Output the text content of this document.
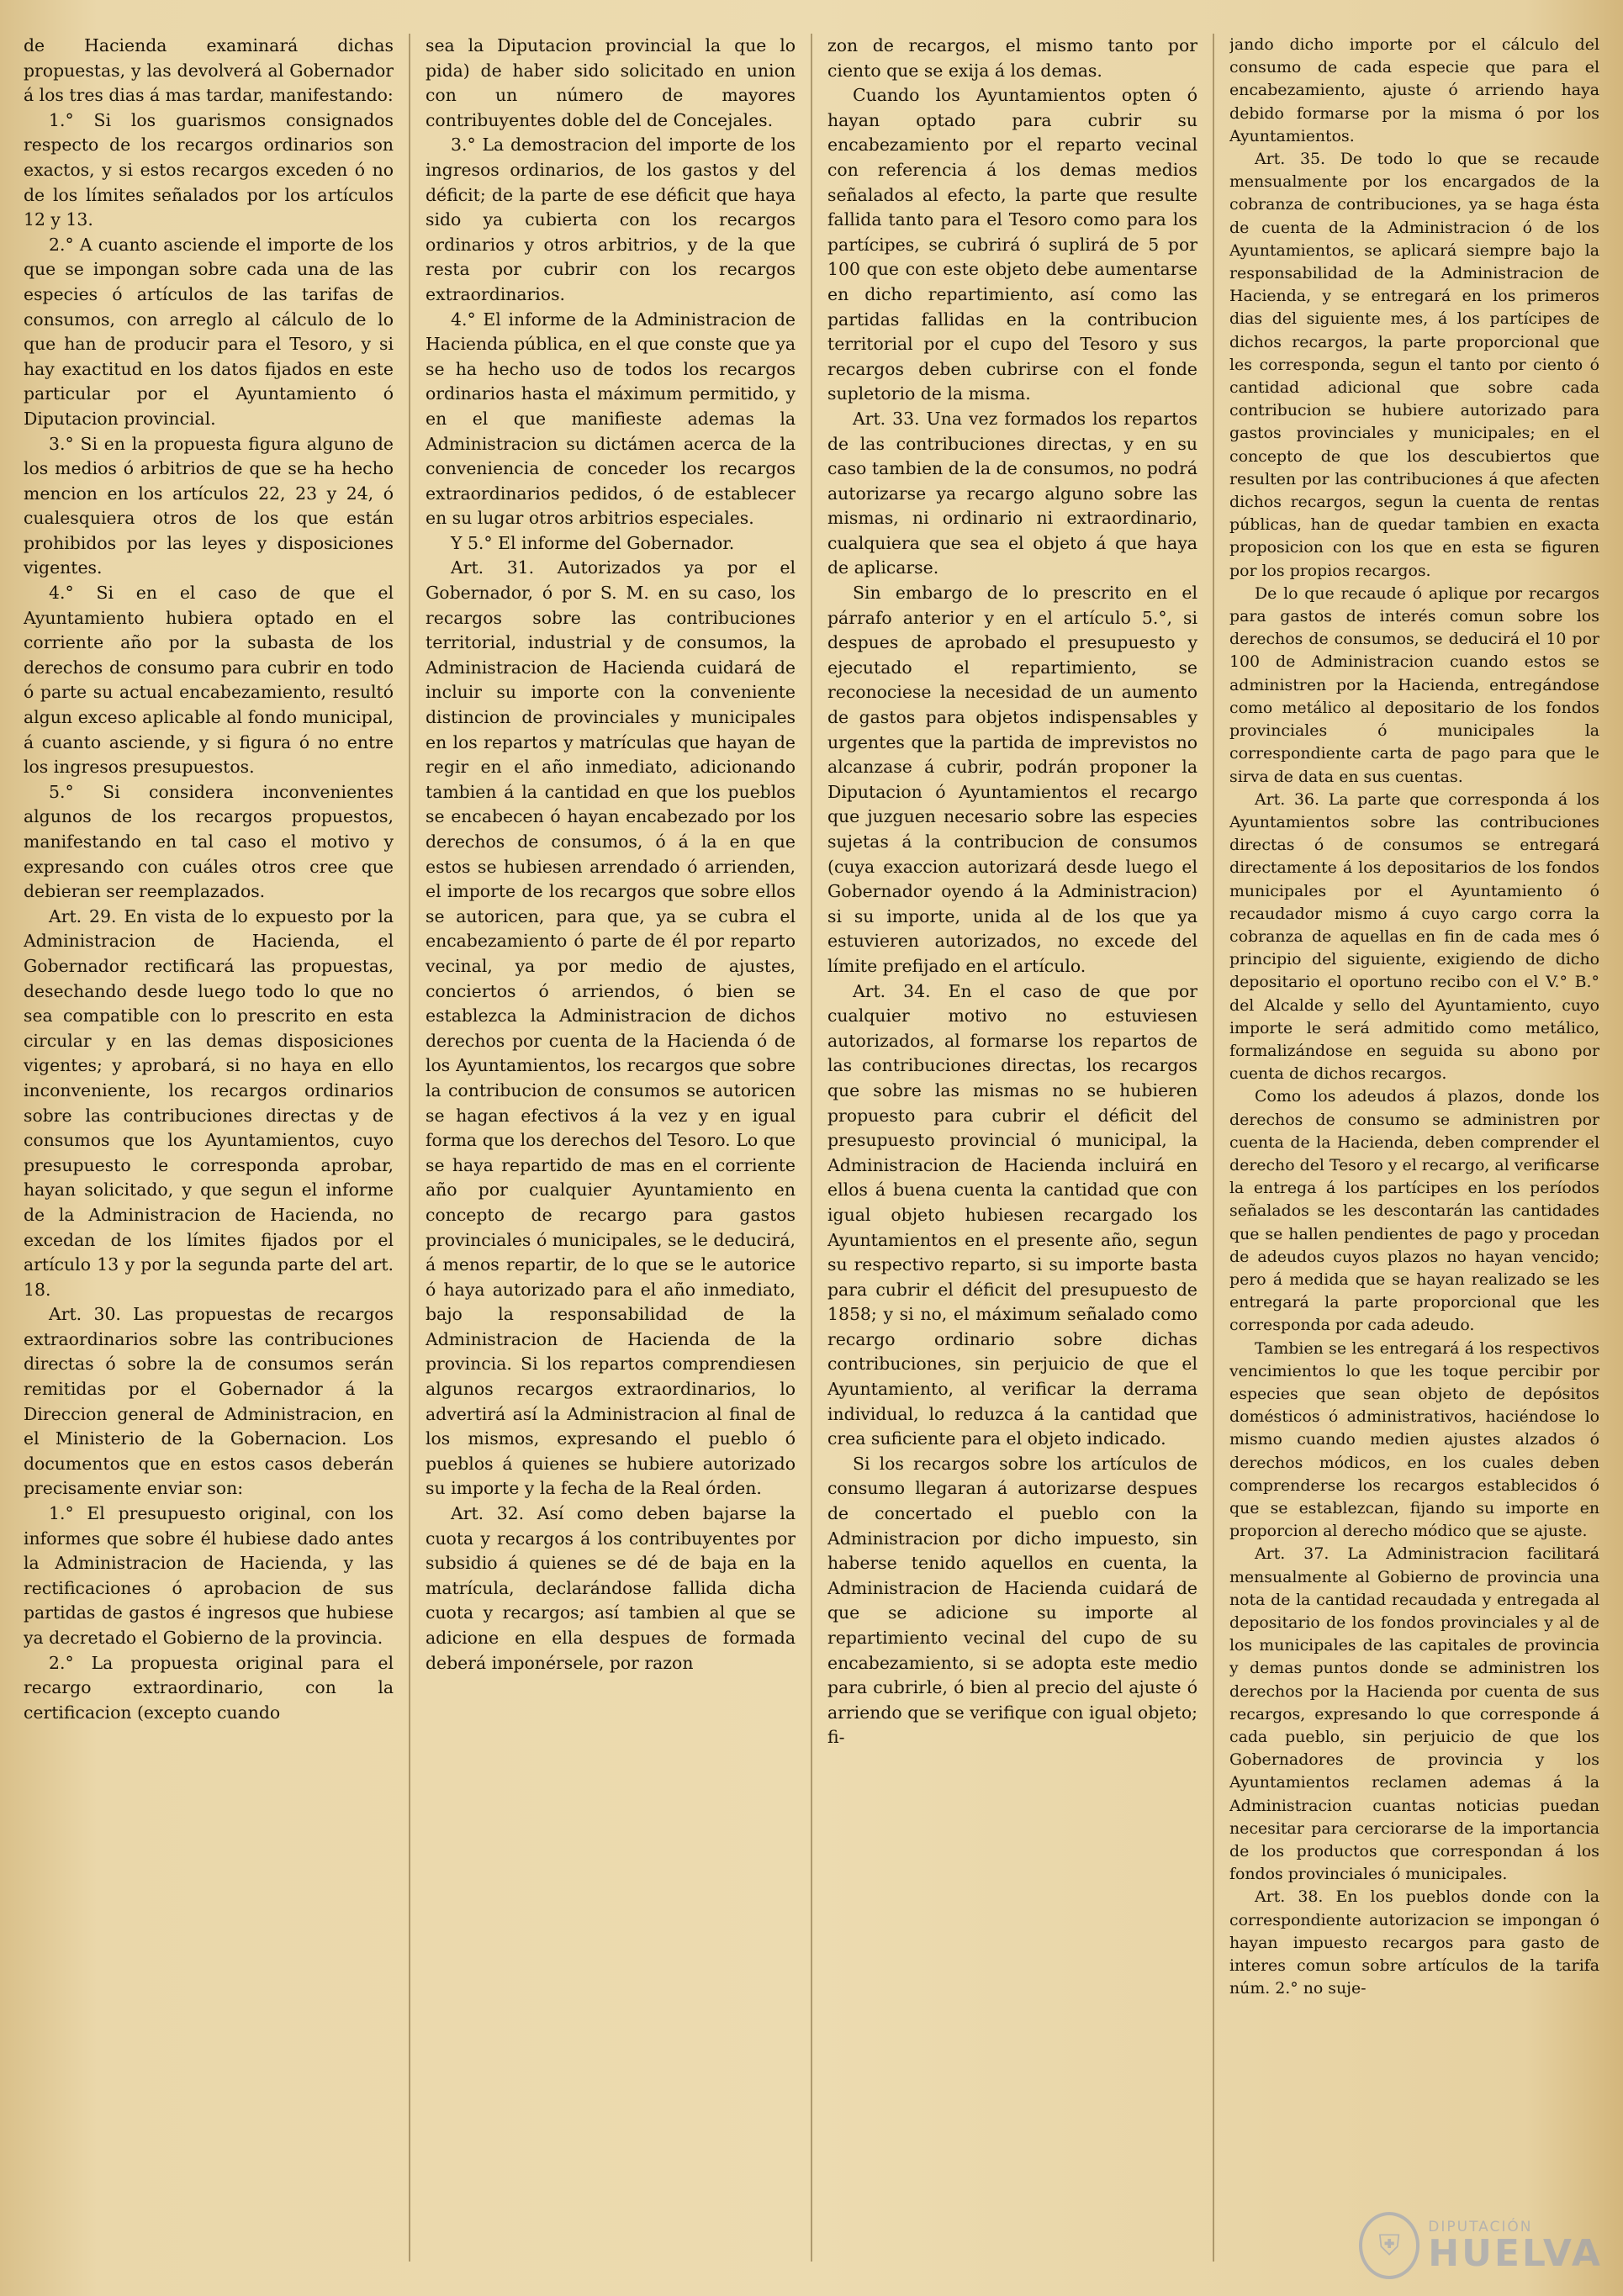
de Hacienda examinará dichas propuestas, y las devolverá al Gobernador á los tres dias á mas tardar, manifestando:

1.° Si los guarismos consignados respecto de los recargos ordinarios son exactos, y si estos recargos exceden ó no de los límites señalados por los artículos 12 y 13.

2.° A cuanto asciende el importe de los que se impongan sobre cada una de las especies ó artículos de las tarifas de consumos, con arreglo al cálculo de lo que han de producir para el Tesoro, y si hay exactitud en los datos fijados en este particular por el Ayuntamiento ó Diputacion provincial.

3.° Si en la propuesta figura alguno de los medios ó arbitrios de que se ha hecho mencion en los artículos 22, 23 y 24, ó cualesquiera otros de los que están prohibidos por las leyes y disposiciones vigentes.

4.° Si en el caso de que el Ayuntamiento hubiera optado en el corriente año por la subasta de los derechos de consumo para cubrir en todo ó parte su actual encabezamiento, resultó algun exceso aplicable al fondo municipal, á cuanto asciende, y si figura ó no entre los ingresos presupuestos.

5.° Si considera inconvenientes algunos de los recargos propuestos, manifestando en tal caso el motivo y expresando con cuáles otros cree que debieran ser reemplazados.

Art. 29. En vista de lo expuesto por la Administracion de Hacienda, el Gobernador rectificará las propuestas, desechando desde luego todo lo que no sea compatible con lo prescrito en esta circular y en las demas disposiciones vigentes; y aprobará, si no haya en ello inconveniente, los recargos ordinarios sobre las contribuciones directas y de consumos que los Ayuntamientos, cuyo presupuesto le corresponda aprobar, hayan solicitado, y que segun el informe de la Administracion de Hacienda, no excedan de los límites fijados por el artículo 13 y por la segunda parte del art. 18.

Art. 30. Las propuestas de recargos extraordinarios sobre las contribuciones directas ó sobre la de consumos serán remitidas por el Gobernador á la Direccion general de Administracion, en el Ministerio de la Gobernacion. Los documentos que en estos casos deberán precisamente enviar son:

1.° El presupuesto original, con los informes que sobre él hubiese dado antes la Administracion de Hacienda, y las rectificaciones ó aprobacion de sus partidas de gastos é ingresos que hubiese ya decretado el Gobierno de la provincia.

2.° La propuesta original para el recargo extraordinario, con la certificacion (excepto cuando

sea la Diputacion provincial la que lo pida) de haber sido solicitado en union con un número de mayores contribuyentes doble del de Concejales.

3.° La demostracion del importe de los ingresos ordinarios, de los gastos y del déficit; de la parte de ese déficit que haya sido ya cubierta con los recargos ordinarios y otros arbitrios, y de la que resta por cubrir con los recargos extraordinarios.

4.° El informe de la Administracion de Hacienda pública, en el que conste que ya se ha hecho uso de todos los recargos ordinarios hasta el máximum permitido, y en el que manifieste ademas la Administracion su dictámen acerca de la conveniencia de conceder los recargos extraordinarios pedidos, ó de establecer en su lugar otros arbitrios especiales.

Y 5.° El informe del Gobernador.

Art. 31. Autorizados ya por el Gobernador, ó por S. M. en su caso, los recargos sobre las contribuciones territorial, industrial y de consumos, la Administracion de Hacienda cuidará de incluir su importe con la conveniente distincion de provinciales y municipales en los repartos y matrículas que hayan de regir en el año inmediato, adicionando tambien á la cantidad en que los pueblos se encabecen ó hayan encabezado por los derechos de consumos, ó á la en que estos se hubiesen arrendado ó arrienden, el importe de los recargos que sobre ellos se autoricen, para que, ya se cubra el encabezamiento ó parte de él por reparto vecinal, ya por medio de ajustes, conciertos ó arriendos, ó bien se establezca la Administracion de dichos derechos por cuenta de la Hacienda ó de los Ayuntamientos, los recargos que sobre la contribucion de consumos se autoricen se hagan efectivos á la vez y en igual forma que los derechos del Tesoro. Lo que se haya repartido de mas en el corriente año por cualquier Ayuntamiento en concepto de recargo para gastos provinciales ó municipales, se le deducirá, á menos repartir, de lo que se le autorice ó haya autorizado para el año inmediato, bajo la responsabilidad de la Administracion de Hacienda de la provincia. Si los repartos comprendiesen algunos recargos extraordinarios, lo advertirá así la Administracion al final de los mismos, expresando el pueblo ó pueblos á quienes se hubiere autorizado su importe y la fecha de la Real órden.

Art. 32. Así como deben bajarse la cuota y recargos á los contribuyentes por subsidio á quienes se dé de baja en la matrícula, declarándose fallida dicha cuota y recargos; así tambien al que se adicione en ella despues de formada deberá imponérsele, por razon

zon de recargos, el mismo tanto por ciento que se exija á los demas.

Cuando los Ayuntamientos opten ó hayan optado para cubrir su encabezamiento por el reparto vecinal con referencia á los demas medios señalados al efecto, la parte que resulte fallida tanto para el Tesoro como para los partícipes, se cubrirá ó suplirá de 5 por 100 que con este objeto debe aumentarse en dicho repartimiento, así como las partidas fallidas en la contribucion territorial por el cupo del Tesoro y sus recargos deben cubrirse con el fonde supletorio de la misma.

Art. 33. Una vez formados los repartos de las contribuciones directas, y en su caso tambien de la de consumos, no podrá autorizarse ya recargo alguno sobre las mismas, ni ordinario ni extraordinario, cualquiera que sea el objeto á que haya de aplicarse.

Sin embargo de lo prescrito en el párrafo anterior y en el artículo 5.°, si despues de aprobado el presupuesto y ejecutado el repartimiento, se reconociese la necesidad de un aumento de gastos para objetos indispensables y urgentes que la partida de imprevistos no alcanzase á cubrir, podrán proponer la Diputacion ó Ayuntamientos el recargo que juzguen necesario sobre las especies sujetas á la contribucion de consumos (cuya exaccion autorizará desde luego el Gobernador oyendo á la Administracion) si su importe, unida al de los que ya estuvieren autorizados, no excede del límite prefijado en el artículo.

Art. 34. En el caso de que por cualquier motivo no estuviesen autorizados, al formarse los repartos de las contribuciones directas, los recargos que sobre las mismas no se hubieren propuesto para cubrir el déficit del presupuesto provincial ó municipal, la Administracion de Hacienda incluirá en ellos á buena cuenta la cantidad que con igual objeto hubiesen recargado los Ayuntamientos en el presente año, segun su respectivo reparto, si su importe basta para cubrir el déficit del presupuesto de 1858; y si no, el máximum señalado como recargo ordinario sobre dichas contribuciones, sin perjuicio de que el Ayuntamiento, al verificar la derrama individual, lo reduzca á la cantidad que crea suficiente para el objeto indicado.

Si los recargos sobre los artículos de consumo llegaran á autorizarse despues de concertado el pueblo con la Administracion por dicho impuesto, sin haberse tenido aquellos en cuenta, la Administracion de Hacienda cuidará de que se adicione su importe al repartimiento vecinal del cupo de su encabezamiento, si se adopta este medio para cubrirle, ó bien al precio del ajuste ó arriendo que se verifique con igual objeto; fi-

jando dicho importe por el cálculo del consumo de cada especie que para el encabezamiento, ajuste ó arriendo haya debido formarse por la misma ó por los Ayuntamientos.

Art. 35. De todo lo que se recaude mensualmente por los encargados de la cobranza de contribuciones, ya se haga ésta de cuenta de la Administracion ó de los Ayuntamientos, se aplicará siempre bajo la responsabilidad de la Administracion de Hacienda, y se entregará en los primeros dias del siguiente mes, á los partícipes de dichos recargos, la parte proporcional que les corresponda, segun el tanto por ciento ó cantidad adicional que sobre cada contribucion se hubiere autorizado para gastos provinciales y municipales; en el concepto de que los descubiertos que resulten por las contribuciones á que afecten dichos recargos, segun la cuenta de rentas públicas, han de quedar tambien en exacta proposicion con los que en esta se figuren por los propios recargos.

De lo que recaude ó aplique por recargos para gastos de interés comun sobre los derechos de consumos, se deducirá el 10 por 100 de Administracion cuando estos se administren por la Hacienda, entregándose como metálico al depositario de los fondos provinciales ó municipales la correspondiente carta de pago para que le sirva de data en sus cuentas.

Art. 36. La parte que corresponda á los Ayuntamientos sobre las contribuciones directas ó de consumos se entregará directamente á los depositarios de los fondos municipales por el Ayuntamiento ó recaudador mismo á cuyo cargo corra la cobranza de aquellas en fin de cada mes ó principio del siguiente, exigiendo de dicho depositario el oportuno recibo con el V.° B.° del Alcalde y sello del Ayuntamiento, cuyo importe le será admitido como metálico, formalizándose en seguida su abono por cuenta de dichos recargos.

Como los adeudos á plazos, donde los derechos de consumo se administren por cuenta de la Hacienda, deben comprender el derecho del Tesoro y el recargo, al verificarse la entrega á los partícipes en los períodos señalados se les descontarán las cantidades que se hallen pendientes de pago y procedan de adeudos cuyos plazos no hayan vencido; pero á medida que se hayan realizado se les entregará la parte proporcional que les corresponda por cada adeudo.

Tambien se les entregará á los respectivos vencimientos lo que les toque percibir por especies que sean objeto de depósitos domésticos ó administrativos, haciéndose lo mismo cuando medien ajustes alzados ó derechos módicos, en los cuales deben comprenderse los recargos establecidos ó que se establezcan, fijando su importe en proporcion al derecho módico que se ajuste.

Art. 37. La Administracion facilitará mensualmente al Gobierno de provincia una nota de la cantidad recaudada y entregada al depositario de los fondos provinciales y al de los municipales de las capitales de provincia y demas puntos donde se administren los derechos por la Hacienda por cuenta de sus recargos, expresando lo que corresponde á cada pueblo, sin perjuicio de que los Gobernadores de provincia y los Ayuntamientos reclamen ademas á la Administracion cuantas noticias puedan necesitar para cerciorarse de la importancia de los productos que correspondan á los fondos provinciales ó municipales.

Art. 38. En los pueblos donde con la correspondiente autorizacion se impongan ó hayan impuesto recargos para gasto de interes comun sobre artículos de la tarifa núm. 2.° no suje-

⛨
DIPUTACIÓN
HUELVA
